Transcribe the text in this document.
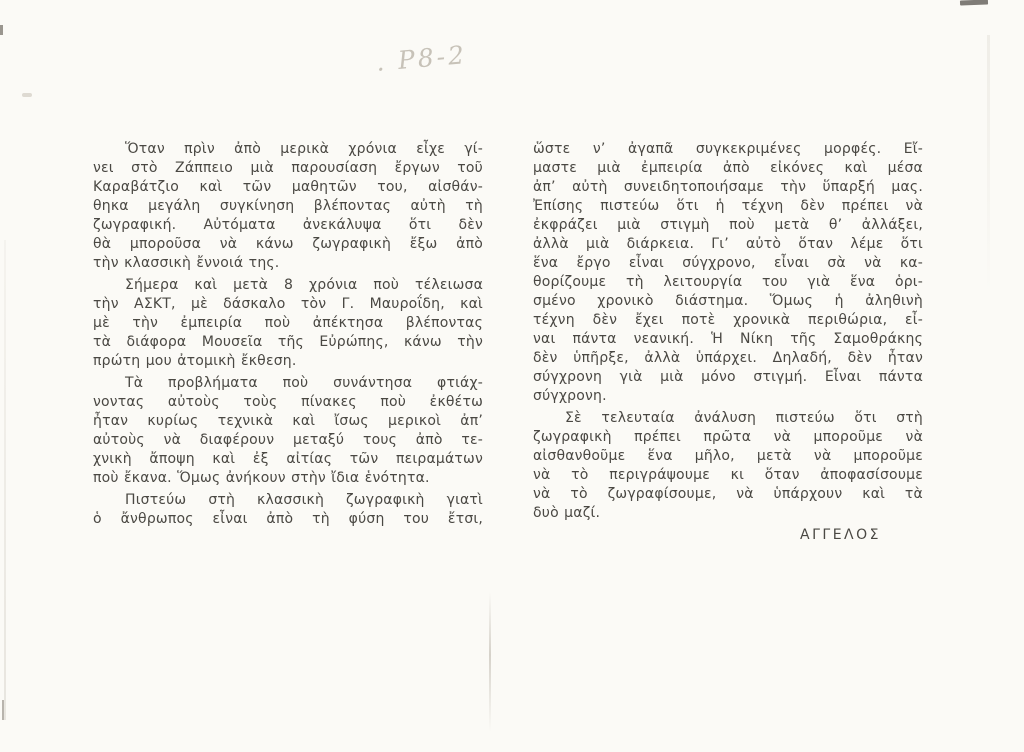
. Ρ8-2
Ὅταν πρὶν ἀπὸ μερικὰ χρόνια εἶχε γί-
νει στὸ Ζάππειο μιὰ παρουσίαση ἔργων τοῦ
Καραβάτζιο καὶ τῶν μαθητῶν του, αἰσθάν-
θηκα μεγάλη συγκίνηση βλέποντας αὐτὴ τὴ
ζωγραφική. Αὐτόματα ἀνεκάλυψα ὅτι δὲν
θὰ μποροῦσα νὰ κάνω ζωγραφικὴ ἔξω ἀπὸ
τὴν κλασσικὴ ἔννοιά της.
Σήμερα καὶ μετὰ 8 χρόνια ποὺ τέλειωσα
τὴν ΑΣΚΤ, μὲ δάσκαλο τὸν Γ. Μαυροΐδη, καὶ
μὲ τὴν ἐμπειρία ποὺ ἀπέκτησα βλέποντας
τὰ διάφορα Μουσεῖα τῆς Εὐρώπης, κάνω τὴν
πρώτη μου ἀτομικὴ ἔκθεση.
Τὰ προβλήματα ποὺ συνάντησα φτιάχ-
νοντας αὐτοὺς τοὺς πίνακες ποὺ ἐκθέτω
ἦταν κυρίως τεχνικὰ καὶ ἴσως μερικοὶ ἀπ’
αὐτοὺς νὰ διαφέρουν μεταξύ τους ἀπὸ τε-
χνικὴ ἄποψη καὶ ἐξ αἰτίας τῶν πειραμάτων
ποὺ ἔκανα. Ὅμως ἀνήκουν στὴν ἴδια ἑνότητα.
Πιστεύω στὴ κλασσικὴ ζωγραφικὴ γιατὶ
ὁ ἄνθρωπος εἶναι ἀπὸ τὴ φύση του ἔτσι,
ὥστε ν’ ἀγαπᾶ συγκεκριμένες μορφές. Εἴ-
μαστε μιὰ ἐμπειρία ἀπὸ εἰκόνες καὶ μέσα
ἀπ’ αὐτὴ συνειδητοποιήσαμε τὴν ὕπαρξή μας.
Ἐπίσης πιστεύω ὅτι ἡ τέχνη δὲν πρέπει νὰ
ἐκφράζει μιὰ στιγμὴ ποὺ μετὰ θ’ ἀλλάξει,
ἀλλὰ μιὰ διάρκεια. Γι’ αὐτὸ ὅταν λέμε ὅτι
ἕνα ἔργο εἶναι σύγχρονο, εἶναι σὰ νὰ κα-
θορίζουμε τὴ λειτουργία του γιὰ ἕνα ὁρι-
σμένο χρονικὸ διάστημα. Ὅμως ἡ ἀληθινὴ
τέχνη δὲν ἔχει ποτὲ χρονικὰ περιθώρια, εἶ-
ναι πάντα νεανική. Ἡ Νίκη τῆς Σαμοθράκης
δὲν ὑπῆρξε, ἀλλὰ ὑπάρχει. Δηλαδή, δὲν ἦταν
σύγχρονη γιὰ μιὰ μόνο στιγμή. Εἶναι πάντα
σύγχρονη.
Σὲ τελευταία ἀνάλυση πιστεύω ὅτι στὴ
ζωγραφικὴ πρέπει πρῶτα νὰ μποροῦμε νὰ
αἰσθανθοῦμε ἕνα μῆλο, μετὰ νὰ μποροῦμε
νὰ τὸ περιγράψουμε κι ὅταν ἀποφασίσουμε
νὰ τὸ ζωγραφίσουμε, νὰ ὑπάρχουν καὶ τὰ
δυὸ μαζί.
ΑΓΓΕΛΟΣ
